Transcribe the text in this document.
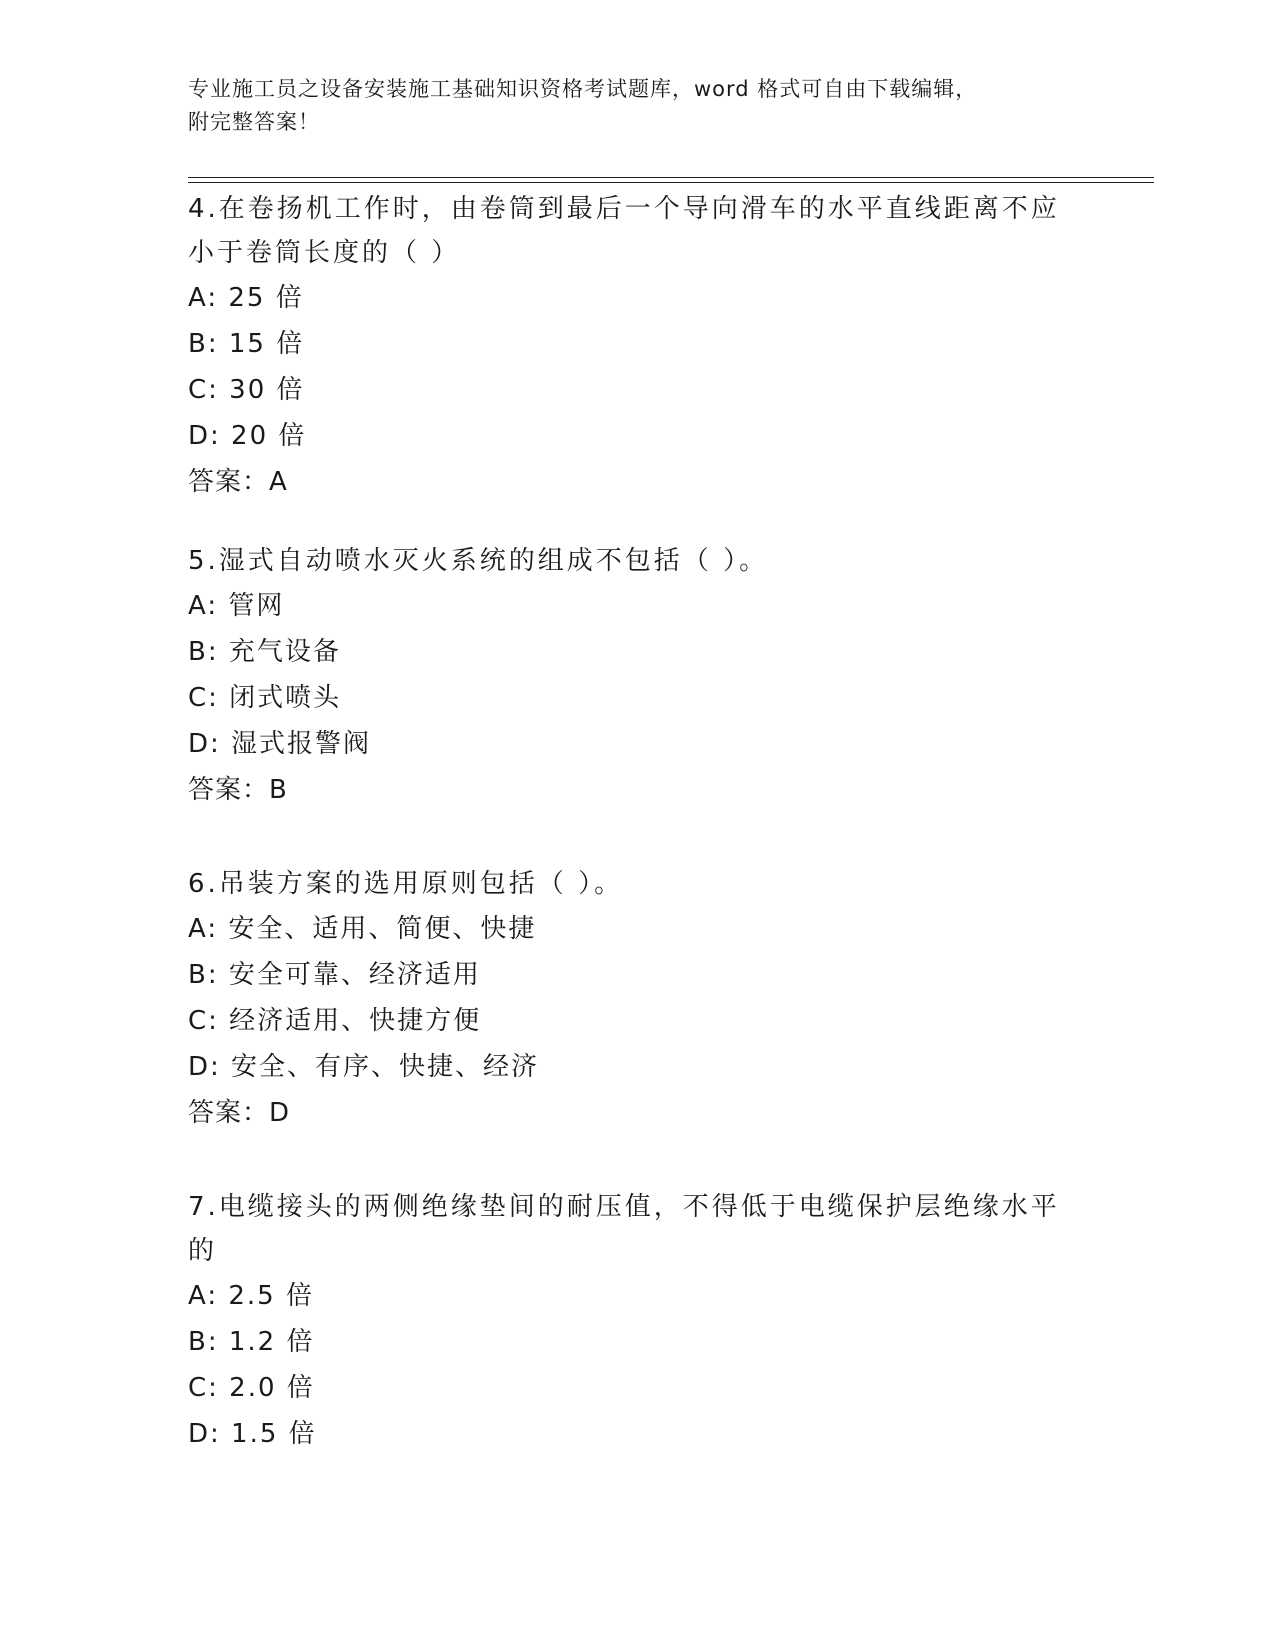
专业施工员之设备安装施工基础知识资格考试题库，word 格式可自由下载编辑，
附完整答案！

4.在卷扬机工作时，由卷筒到最后一个导向滑车的水平直线距离不应

小于卷筒长度的（ ）

A: 25 倍

B: 15 倍

C: 30 倍

D: 20 倍

答案：A

5.湿式自动喷水灭火系统的组成不包括（ ）。

A: 管网

B: 充气设备

C: 闭式喷头

D: 湿式报警阀

答案：B

6.吊装方案的选用原则包括（ ）。

A: 安全、适用、简便、快捷

B: 安全可靠、经济适用

C: 经济适用、快捷方便

D: 安全、有序、快捷、经济

答案：D

7.电缆接头的两侧绝缘垫间的耐压值，不得低于电缆保护层绝缘水平

的

A: 2.5 倍

B: 1.2 倍

C: 2.0 倍

D: 1.5 倍
